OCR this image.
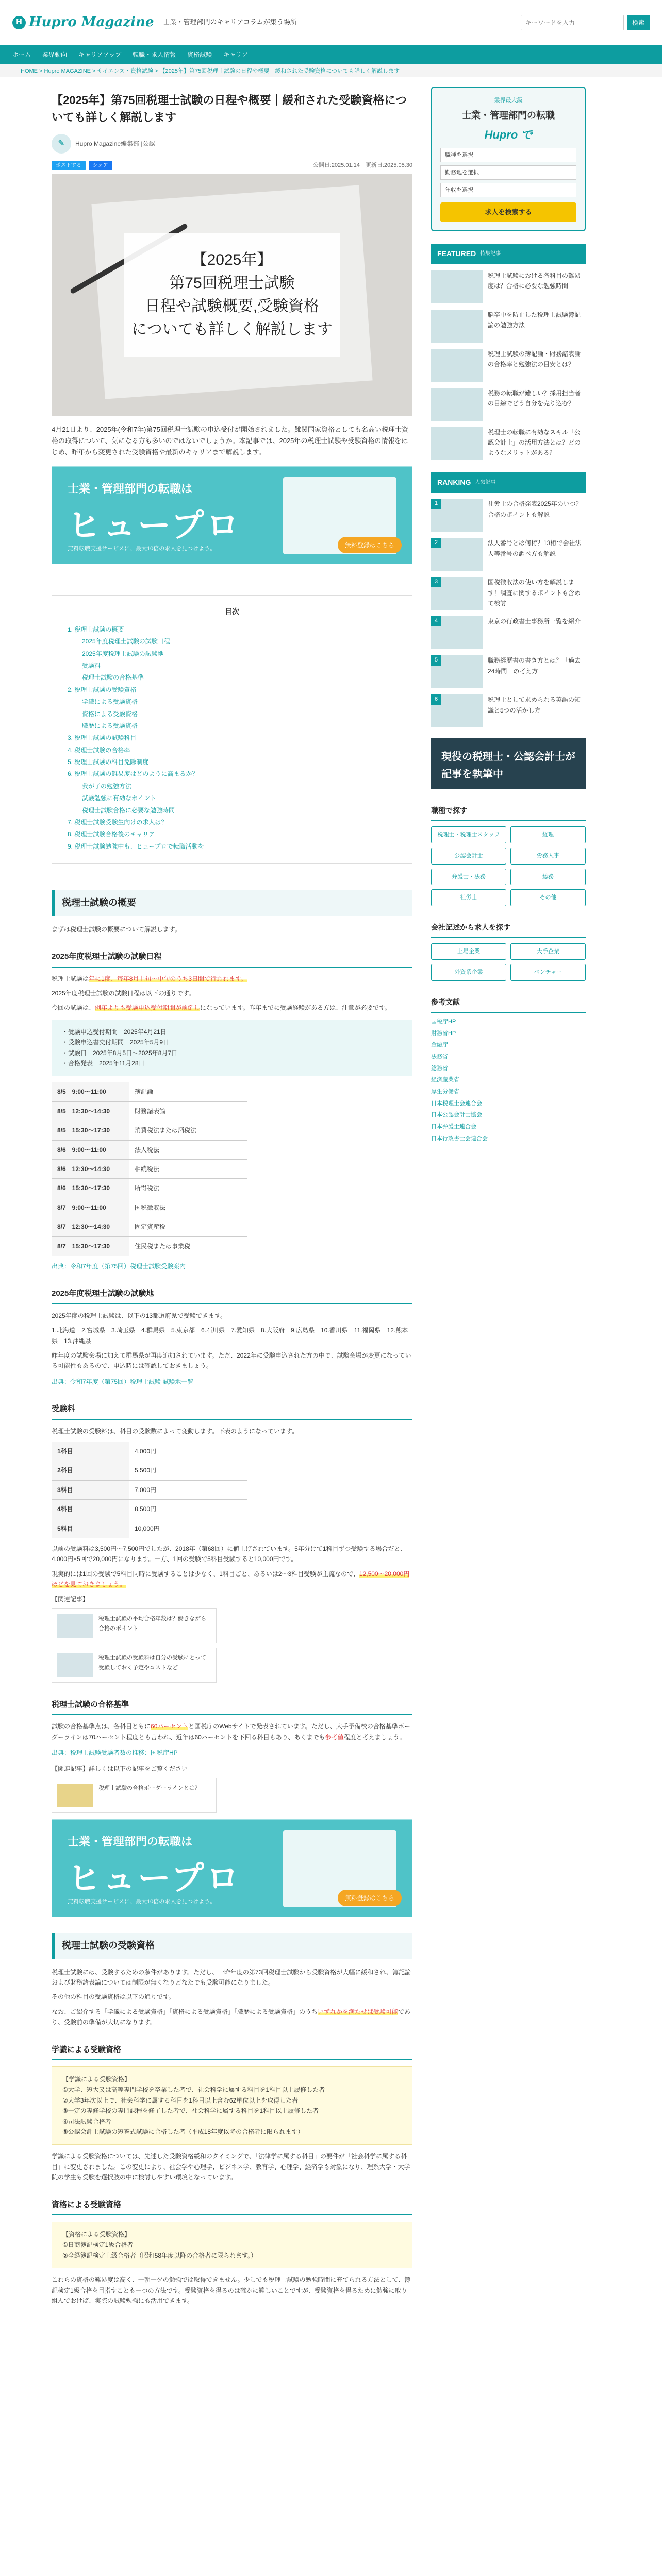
H Hupro Magazine 士業・管理部門のキャリアコラムが集う場所
キーワードを入力	検索
ホーム 業界動向 キャリアアップ 転職・求人情報 資格試験 キャリア
HOME > Hupro MAGAZINE > サイエンス・資格試験 > 【2025年】第75回税理士試験の日程や概要｜緩和された受験資格についても詳しく解説します
【2025年】第75回税理士試験の日程や概要｜緩和された受験資格についても詳しく解説します
✎	Hupro Magazine編集部 |公認
ポストする	シェア	公開日:2025.01.14　更新日:2025.05.30
【2025年】
第75回税理士試験
日程や試験概要,受験資格
についても詳しく解説します

4月21日より、2025年(令和7年)第75回税理士試験の申込受付が開始されました。難関国家資格としても名高い税理士資格の取得について、気になる方も多いのではないでしょうか。本記事では、2025年の税理士試験や受験資格の情報をはじめ、昨年から変更された受験資格や最新のキャリアまで解説します。

士業・管理部門の転職は
ヒュープロ
無料転職支援サービスに、最大10倍の求人を見つけよう。
無料登録はこちら
目次
1. 税理士試験の概要
2025年度税理士試験の試験日程
2025年度税理士試験の試験地
受験料
税理士試験の合格基準
2. 税理士試験の受験資格
学識による受験資格
資格による受験資格
職歴による受験資格
3. 税理士試験の試験科目
4. 税理士試験の合格率
5. 税理士試験の科目免除制度
6. 税理士試験の難易度はどのように高まるか？
我が子の勉強方法
試験勉強に有効なポイント
税理士試験合格に必要な勉強時間
7. 税理士試験受験生向けの求人は？
8. 税理士試験合格後のキャリア
9. 税理士試験勉強中も、ヒュープロで転職活動を
税理士試験の概要

まずは税理士試験の概要について解説します。

2025年度税理士試験の試験日程

税理士試験は年に1度、毎年8月上旬〜中旬のうち3日間で行われます。

2025年度税理士試験の試験日程は以下の通りです。

今回の試験は、例年よりも受験申込受付期間が前倒しになっています。昨年までに受験経験がある方は、注意が必要です。

・受験申込受付期間　2025年4月21日
・受験申込書交付期間　2025年5月9日
・試験日　2025年8月5日〜2025年8月7日
・合格発表　2025年11月28日
8/5　9:00〜11:00	簿記論
8/5　12:30〜14:30	財務諸表論
8/5　15:30〜17:30	消費税法または酒税法
8/6　9:00〜11:00	法人税法
8/6　12:30〜14:30	相続税法
8/6　15:30〜17:30	所得税法
8/7　9:00〜11:00	国税徴収法
8/7　12:30〜14:30	固定資産税
8/7　15:30〜17:30	住民税または事業税

出典：令和7年度（第75回）税理士試験受験案内

2025年度税理士試験の試験地

2025年度の税理士試験は、以下の13都道府県で受験できます。

1.北海道　2.宮城県　3.埼玉県　4.群馬県　5.東京都　6.石川県　7.愛知県　8.大阪府　9.広島県　10.香川県　11.福岡県　12.熊本県　13.沖縄県

昨年度の試験会場に加えて群馬県が再度追加されています。ただ、2022年に受験申込された方の中で、試験会場が変更になっている可能性もあるので、申込時には確認しておきましょう。

出典：令和7年度（第75回）税理士試験 試験地一覧

受験料

税理士試験の受験料は、科目の受験数によって変動します。下表のようになっています。

1科目	4,000円
2科目	5,500円
3科目	7,000円
4科目	8,500円
5科目	10,000円

以前の受験料は3,500円〜7,500円でしたが、2018年（第68回）に値上げされています。5年分けて1科目ずつ受験する場合だと、4,000円×5回で20,000円になります。一方、1回の受験で5科目受験すると10,000円です。

現実的には1回の受験で5科目同時に受験することは少なく、1科目ごと、あるいは2〜3科目受験が主流なので、12,500〜20,000円ほどを見ておきましょう。

【関連記事】

税理士試験の平均合格年数は？働きながら合格のポイント
税理士試験の受験料は自分の受験にとって受験しておく予定やコストなど
税理士試験の合格基準

試験の合格基準点は、各科目ともに60パーセントと国税庁のWebサイトで発表されています。ただし、大手予備校の合格基準ボーダーラインは70パーセント程度とも言われ、近年は60パーセントを下回る科目もあり、あくまでも参考値程度と考えましょう。

出典：税理士試験受験者数の推移：国税庁HP

【関連記事】詳しくは以下の記事をご覧ください

税理士試験の合格ボーダーラインとは？
士業・管理部門の転職は
ヒュープロ
無料転職支援サービスに、最大10倍の求人を見つけよう。
無料登録はこちら
税理士試験の受験資格

税理士試験には、受験するための条件があります。ただし、一昨年度の第73回税理士試験から受験資格が大幅に緩和され、簿記論および財務諸表論については制限が無くなりどなたでも受験可能になりました。

その他の科目の受験資格は以下の通りです。

なお、ご紹介する「学識による受験資格」「資格による受験資格」「職歴による受験資格」のうちいずれかを満たせば受験可能であり、受験前の準備が大切になります。

学識による受験資格
【学識による受験資格】
①大学、短大又は高等専門学校を卒業した者で、社会科学に属する科目を1科目以上履修した者
②大学3年次以上で、社会科学に属する科目を1科目以上含む62単位以上を取得した者
③一定の専修学校の専門課程を修了した者で、社会科学に属する科目を1科目以上履修した者
④司法試験合格者
⑤公認会計士試験の短答式試験に合格した者（平成18年度以降の合格者に限られます）

学識による受験資格については、先述した受験資格緩和のタイミングで、「法律学に属する科目」の要件が「社会科学に属する科目」に変更されました。この変更により、社会学や心理学、ビジネス学、教育学、心理学、経済学も対象になり、理系大学・大学院の学生も受験を選択肢の中に検討しやすい環境となっています。

資格による受験資格
【資格による受験資格】
①日商簿記検定1級合格者
②全経簿記検定上級合格者（昭和58年度以降の合格者に限られます。）

これらの資格の難易度は高く、一朝一夕の勉強では取得できません。少しでも税理士試験の勉強時間に充てられる方法として、簿記検定1級合格を目指すことも一つの方法です。受験資格を得るのは確かに難しいことですが、受験資格を得るために勉強に取り組んでおけば、実際の試験勉強にも活用できます。

業界最大級
士業・管理部門の転職
Hupro で
職種を選択
勤務地を選択
年収を選択
求人を検索する
FEATURED 特集記事
税理士試験における各科目の難易度は？合格に必要な勉強時間
脳卒中を防止した税理士試験簿記論の勉強方法
税理士試験の簿記論・財務諸表論の合格率と勉強法の目安とは？
税務の転職が難しい？採用担当者の目線でどう自分を売り込む？
税理士の転職に有効なスキル「公認会計士」の活用方法とは？どのようなメリットがある？
RANKING 人気記事
1	社労士の合格発表2025年のいつ？合格のポイントも解説
2	法人番号とは何桁？13桁で会社法人等番号の調べ方も解説
3	国税徴収法の使い方を解説します！調査に関するポイントも含めて検討
4	東京の行政書士事務所一覧を紹介
5	職務経歴書の書き方とは？「過去24時間」の考え方
6	税理士として求められる英語の知識と5つの活かし方
現役の税理士・公認会計士が記事を執筆中
職種で探す
税理士・税理士スタッフ	経理
公認会計士	労務人事
弁護士・法務	総務
社労士	その他
会社記述から求人を探す
上場企業	大手企業
外資系企業	ベンチャー
参考文献
国税庁HP
財務省HP
金融庁
法務省
総務省
経済産業省
厚生労働省
日本税理士会連合会
日本公認会計士協会
日本弁護士連合会
日本行政書士会連合会
